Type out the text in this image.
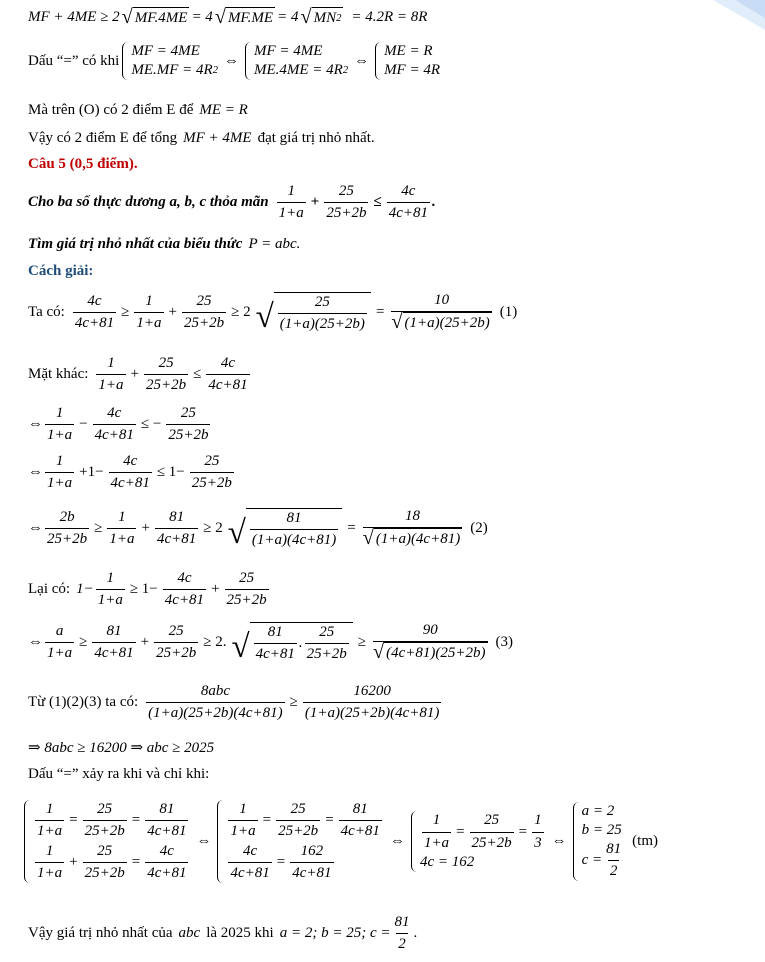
MF + 4ME ≥ 2 √ MF.4ME = 4 √ MF.ME = 4 √ MN 2 = 4.2R = 8R
Dấu “=” có khi
MF = 4ME
ME.MF = 4R 2
⇔
MF = 4ME
ME.4ME = 4R 2
⇔
ME = R
MF = 4R
Mà trên (O) có 2 điểm E để ME = R
Vậy có 2 điểm E để tổng MF + 4ME đạt giá trị nhỏ nhất.
Câu 5 (0,5 điểm).
Cho ba số thực dương a, b, c thỏa mãn $\frac{1}{1+a} + \frac{25}{25+2b} \le \frac{4c}{4c+81}$ .
Tìm giá trị nhỏ nhất của biểu thức P = abc.
Cách giải:
Ta có: $\frac{4c}{4c+81} \ge \frac{1}{1+a} + \frac{25}{25+2b} \ge 2$ √ $\frac{25}{(1+a)(25+2b)}$ =
10
√ (1+a)(25+2b)
(1)
Mặt khác: $\frac{1}{1+a} + \frac{25}{25+2b} \le \frac{4c}{4c+81}$
⇔ $\frac{1}{1+a} - \frac{4c}{4c+81}$ ≤ − $\frac{25}{25+2b}$
⇔ $\frac{1}{1+a} +1- \frac{4c}{4c+81} \le 1- \frac{25}{25+2b}$
⇔ $\frac{2b}{25+2b} \ge \frac{1}{1+a} + \frac{81}{4c+81} \ge 2$ √ $\frac{81}{(1+a)(4c+81)}$ =
18
√ (1+a)(4c+81)
(2)
Lại có: $1- \frac{1}{1+a} \ge 1- \frac{4c}{4c+81} + \frac{25}{25+2b}$
⇔ $\frac{a}{1+a} \ge \frac{81}{4c+81} + \frac{25}{25+2b} \ge 2$. √ $\frac{81}{4c+81}$ . $\frac{25}{25+2b}$ ≥
90
√ (4c+81)(25+2b)
(3)
Từ (1)(2)(3) ta có: $\frac{\text{8abc}}{(1+a)(25+2b)(4c+81)} \ge \frac{16200}{(1+a)(25+2b)(4c+81)}$
⇒ 8abc ≥ 16200 ⇒ abc ≥ 2025
Dấu “=” xảy ra khi và chỉ khi:
$\frac{1}{1+a} = \frac{25}{25+2b} = \frac{81}{4c+81}$
$\frac{1}{1+a} + \frac{25}{25+2b} = \frac{4c}{4c+81}$
⇔
$\frac{1}{1+a} = \frac{25}{25+2b} = \frac{81}{4c+81}$
$\frac{4c}{4c+81} = \frac{162}{4c+81}$
⇔ $\frac{1}{1+a} = \frac{25}{25+2b} = \frac{1}{3}$
4c = 162
⇔
a = 2
b = 25
$c = \frac{81}{2} (tm)$
Vậy giá trị nhỏ nhất của abc là 2025 khi a = 2; b = 25; $c = \frac{81}{2}$ .
